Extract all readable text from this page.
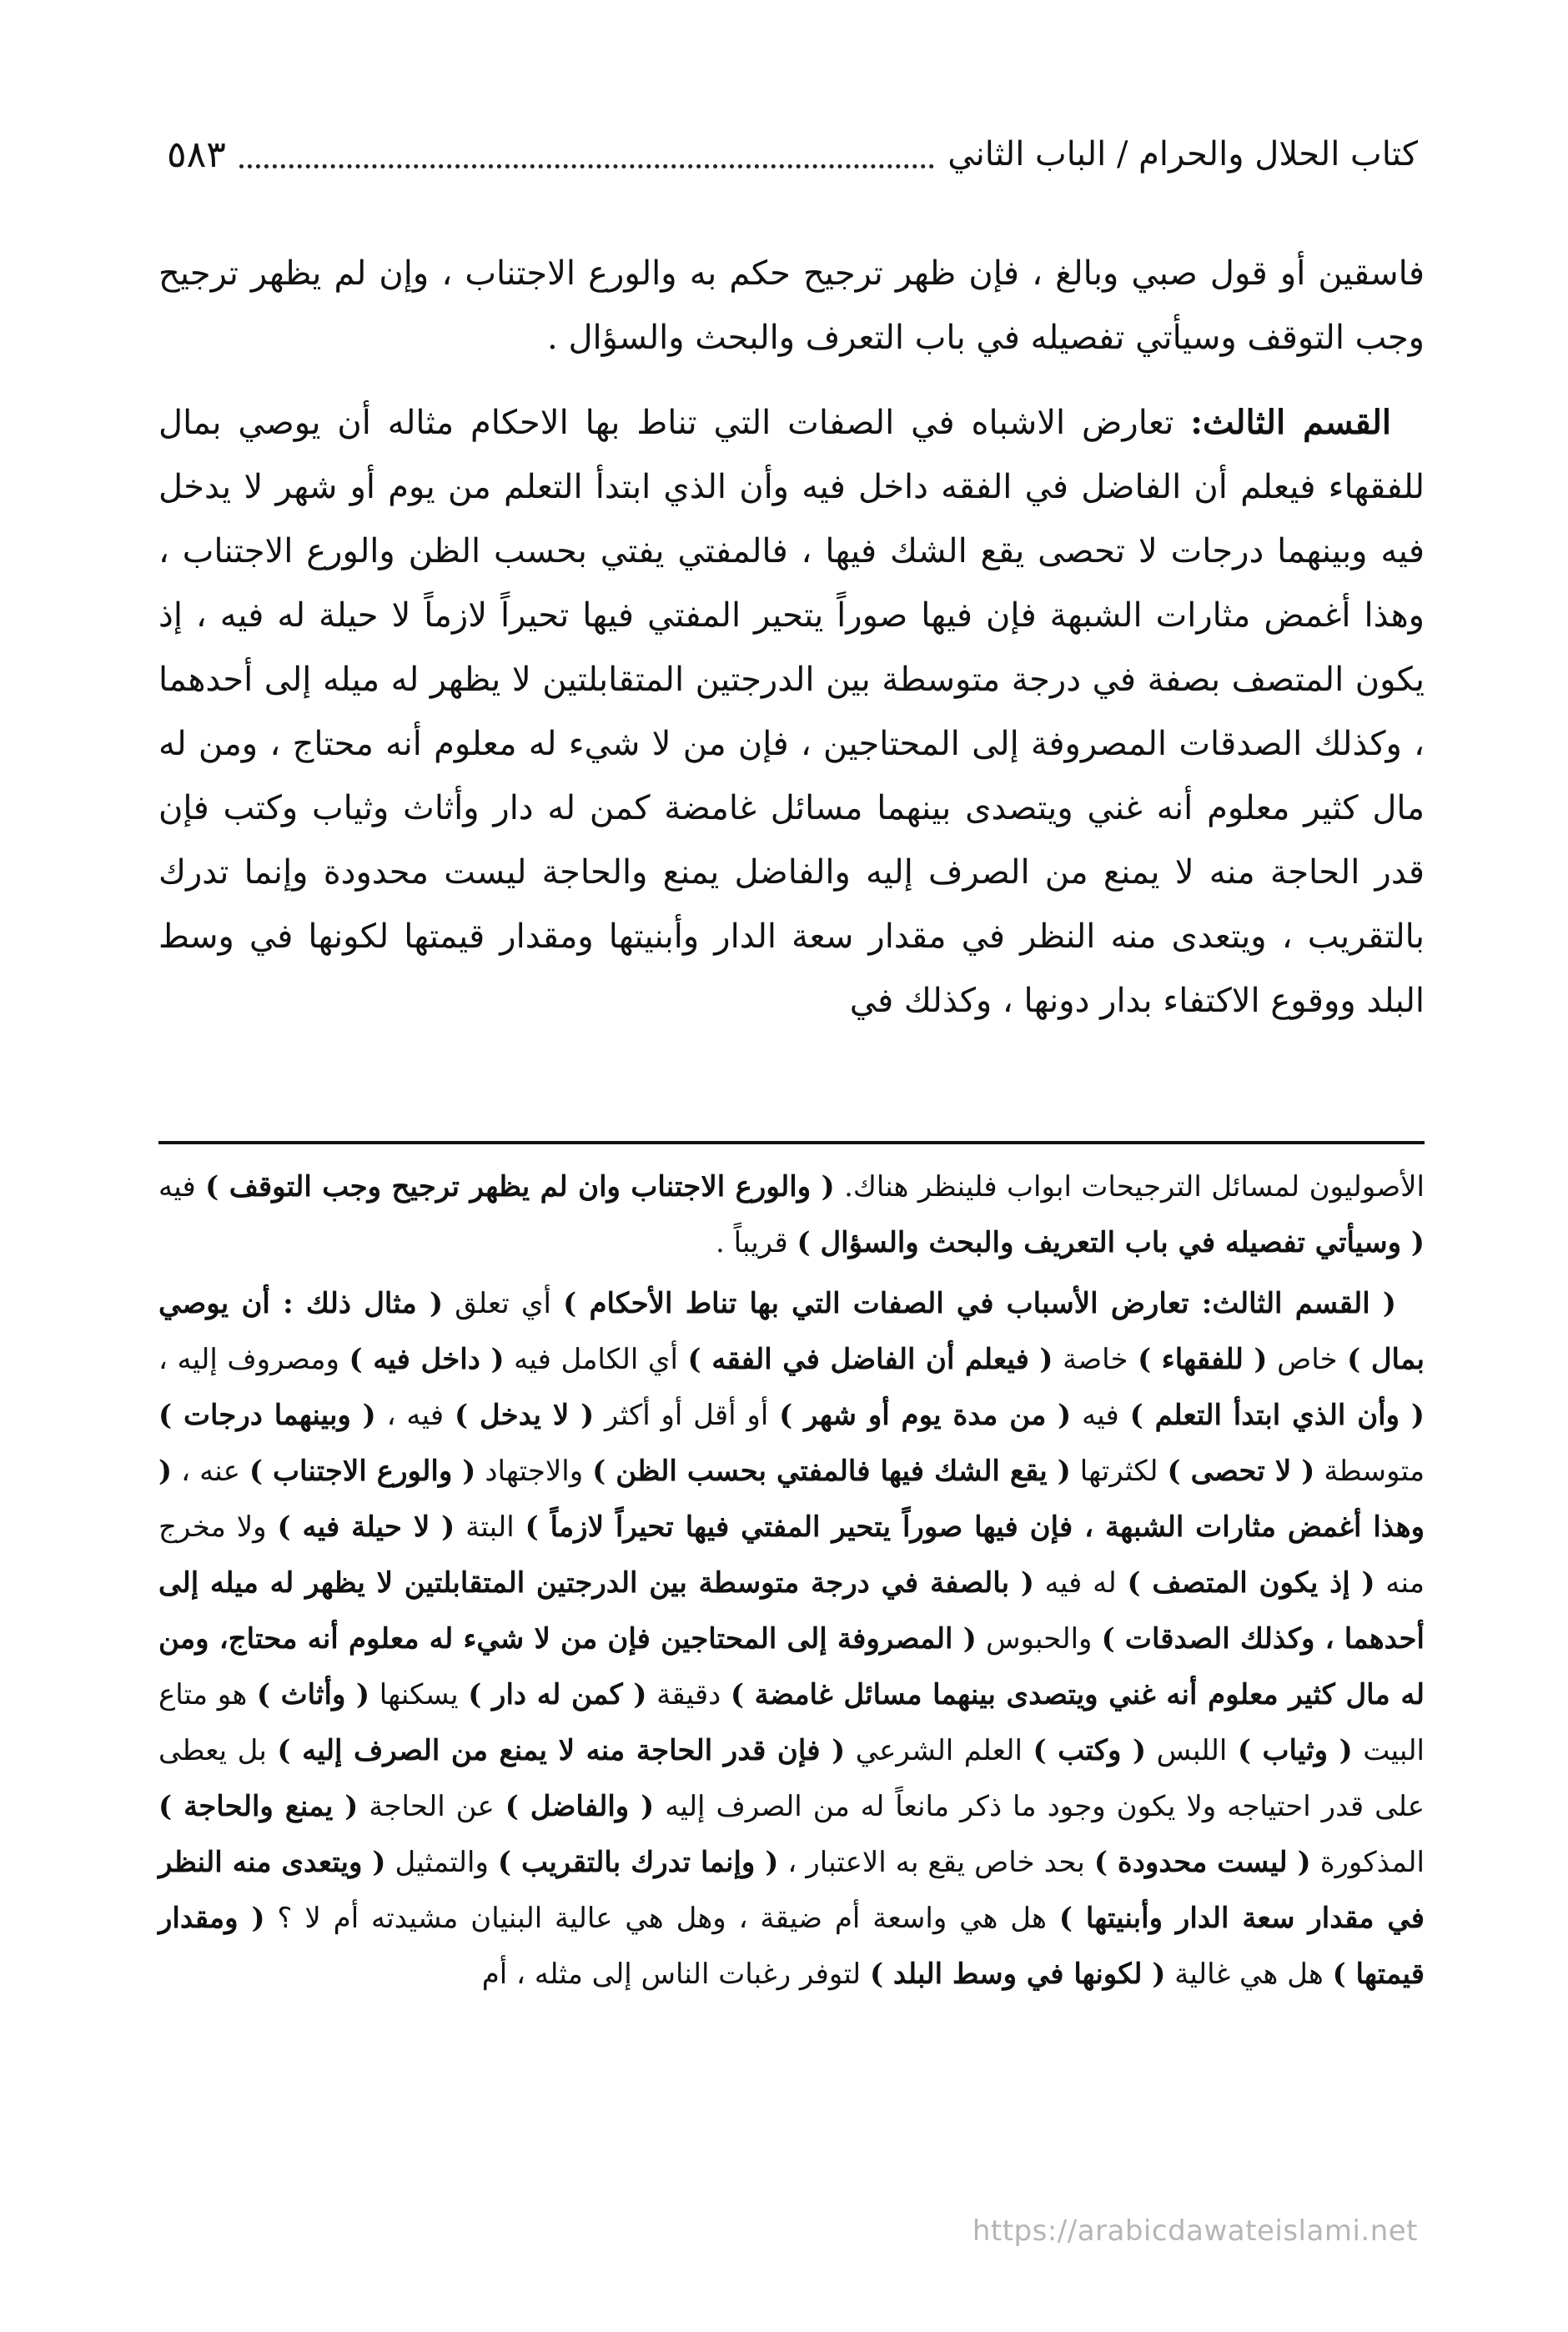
كتاب الحلال والحرام / الباب الثاني
٥٨٣

فاسقين أو قول صبي وبالغ ، فإن ظهر ترجيح حكم به والورع الاجتناب ، وإن لم يظهر ترجيح وجب التوقف وسيأتي تفصيله في باب التعرف والبحث والسؤال .

القسم الثالث: تعارض الاشباه في الصفات التي تناط بها الاحكام مثاله أن يوصي بمال للفقهاء فيعلم أن الفاضل في الفقه داخل فيه وأن الذي ابتدأ التعلم من يوم أو شهر لا يدخل فيه وبينهما درجات لا تحصى يقع الشك فيها ، فالمفتي يفتي بحسب الظن والورع الاجتناب ، وهذا أغمض مثارات الشبهة فإن فيها صوراً يتحير المفتي فيها تحيراً لازماً لا حيلة له فيه ، إذ يكون المتصف بصفة في درجة متوسطة بين الدرجتين المتقابلتين لا يظهر له ميله إلى أحدهما ، وكذلك الصدقات المصروفة إلى المحتاجين ، فإن من لا شيء له معلوم أنه محتاج ، ومن له مال كثير معلوم أنه غني ويتصدى بينهما مسائل غامضة كمن له دار وأثاث وثياب وكتب فإن قدر الحاجة منه لا يمنع من الصرف إليه والفاضل يمنع والحاجة ليست محدودة وإنما تدرك بالتقريب ، ويتعدى منه النظر في مقدار سعة الدار وأبنيتها ومقدار قيمتها لكونها في وسط البلد ووقوع الاكتفاء بدار دونها ، وكذلك في

الأصوليون لمسائل الترجيحات ابواب فلينظر هناك. ( والورع الاجتناب وان لم يظهر ترجيح وجب التوقف ) فيه ( وسيأتي تفصيله في باب التعريف والبحث والسؤال ) قريباً .

( القسم الثالث: تعارض الأسباب في الصفات التي بها تناط الأحكام ) أي تعلق ( مثال ذلك : أن يوصي بمال ) خاص ( للفقهاء ) خاصة ( فيعلم أن الفاضل في الفقه ) أي الكامل فيه ( داخل فيه ) ومصروف إليه ، ( وأن الذي ابتدأ التعلم ) فيه ( من مدة يوم أو شهر ) أو أقل أو أكثر ( لا يدخل ) فيه ، ( وبينهما درجات ) متوسطة ( لا تحصى ) لكثرتها ( يقع الشك فيها فالمفتي بحسب الظن ) والاجتهاد ( والورع الاجتناب ) عنه ، ( وهذا أغمض مثارات الشبهة ، فإن فيها صوراً يتحير المفتي فيها تحيراً لازماً ) البتة ( لا حيلة فيه ) ولا مخرج منه ( إذ يكون المتصف ) له فيه ( بالصفة في درجة متوسطة بين الدرجتين المتقابلتين لا يظهر له ميله إلى أحدهما ، وكذلك الصدقات ) والحبوس ( المصروفة إلى المحتاجين فإن من لا شيء له معلوم أنه محتاج، ومن له مال كثير معلوم أنه غني ويتصدى بينهما مسائل غامضة ) دقيقة ( كمن له دار ) يسكنها ( وأثاث ) هو متاع البيت ( وثياب ) اللبس ( وكتب ) العلم الشرعي ( فإن قدر الحاجة منه لا يمنع من الصرف إليه ) بل يعطى على قدر احتياجه ولا يكون وجود ما ذكر مانعاً له من الصرف إليه ( والفاضل ) عن الحاجة ( يمنع والحاجة ) المذكورة ( ليست محدودة ) بحد خاص يقع به الاعتبار ، ( وإنما تدرك بالتقريب ) والتمثيل ( ويتعدى منه النظر في مقدار سعة الدار وأبنيتها ) هل هي واسعة أم ضيقة ، وهل هي عالية البنيان مشيدته أم لا ؟ ( ومقدار قيمتها ) هل هي غالية ( لكونها في وسط البلد ) لتوفر رغبات الناس إلى مثله ، أم

https://arabicdawateislami.net
